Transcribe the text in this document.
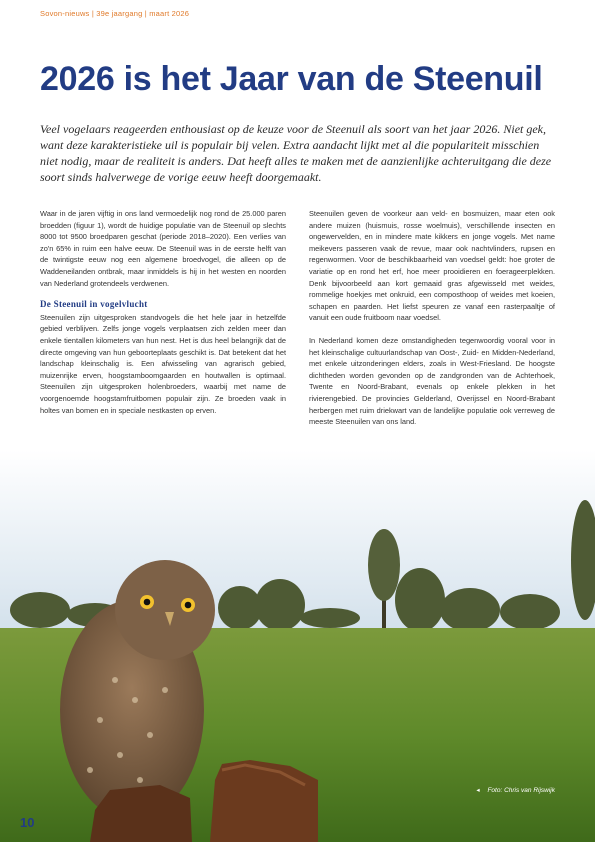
Sovon-nieuws | 39e jaargang | maart 2026
2026 is het Jaar van de Steenuil

Veel vogelaars reageerden enthousiast op de keuze voor de Steenuil als soort van het jaar 2026. Niet gek, want deze karakteristieke uil is populair bij velen. Extra aandacht lijkt met al die populariteit misschien niet nodig, maar de realiteit is anders. Dat heeft alles te maken met de aanzienlijke achteruitgang die deze soort sinds halverwege de vorige eeuw heeft doorgemaakt.

Waar in de jaren vijftig in ons land vermoedelijk nog rond de 25.000 paren broedden (figuur 1), wordt de huidige populatie van de Steenuil op slechts 8000 tot 9500 broedparen geschat (periode 2018–2020). Een verlies van zo'n 65% in ruim een halve eeuw. De Steenuil was in de eerste helft van de twintigste eeuw nog een algemene broedvogel, die alleen op de Waddeneilanden ontbrak, maar inmiddels is hij in het westen en noorden van Nederland grotendeels verdwenen.

De Steenuil in vogelvlucht

Steenuilen zijn uitgesproken standvogels die het hele jaar in hetzelfde gebied verblijven. Zelfs jonge vogels verplaatsen zich zelden meer dan enkele tientallen kilometers van hun nest. Het is dus heel belangrijk dat de directe omgeving van hun geboorteplaats geschikt is. Dat betekent dat het landschap kleinschalig is. Een afwisseling van agrarisch gebied, muizenrijke erven, hoogstamboomgaarden en houtwallen is optimaal. Steenuilen zijn uitgesproken holenbroeders, waarbij met name de voorgenoemde hoogstamfruitbomen populair zijn. Ze broeden vaak in holtes van bomen en in speciale nestkasten op erven.

Steenuilen geven de voorkeur aan veld- en bosmuizen, maar eten ook andere muizen (huismuis, rosse woelmuis), verschillende insecten en ongewervelden, en in mindere mate kikkers en jonge vogels. Met name meikevers passeren vaak de revue, maar ook nachtvlinders, rupsen en regenwormen. Voor de beschikbaarheid van voedsel geldt: hoe groter de variatie op en rond het erf, hoe meer prooidieren en foerageerplekken. Denk bijvoorbeeld aan kort gemaaid gras afgewisseld met weides, rommelige hoekjes met onkruid, een composthoop of weides met koeien, schapen en paarden. Het liefst speuren ze vanaf een rasterpaaltje of vanuit een oude fruitboom naar voedsel.

In Nederland komen deze omstandigheden tegenwoordig vooral voor in het kleinschalige cultuurlandschap van Oost-, Zuid- en Midden-Nederland, met enkele uitzonderingen elders, zoals in West-Friesland. De hoogste dichtheden worden gevonden op de zandgronden van de Achterhoek, Twente en Noord-Brabant, evenals op enkele plekken in het rivierengebied. De provincies Gelderland, Overijssel en Noord-Brabant herbergen met ruim driekwart van de landelijke populatie ook verreweg de meeste Steenuilen van ons land.

◂ Foto: Chris van Rijswijk
10
